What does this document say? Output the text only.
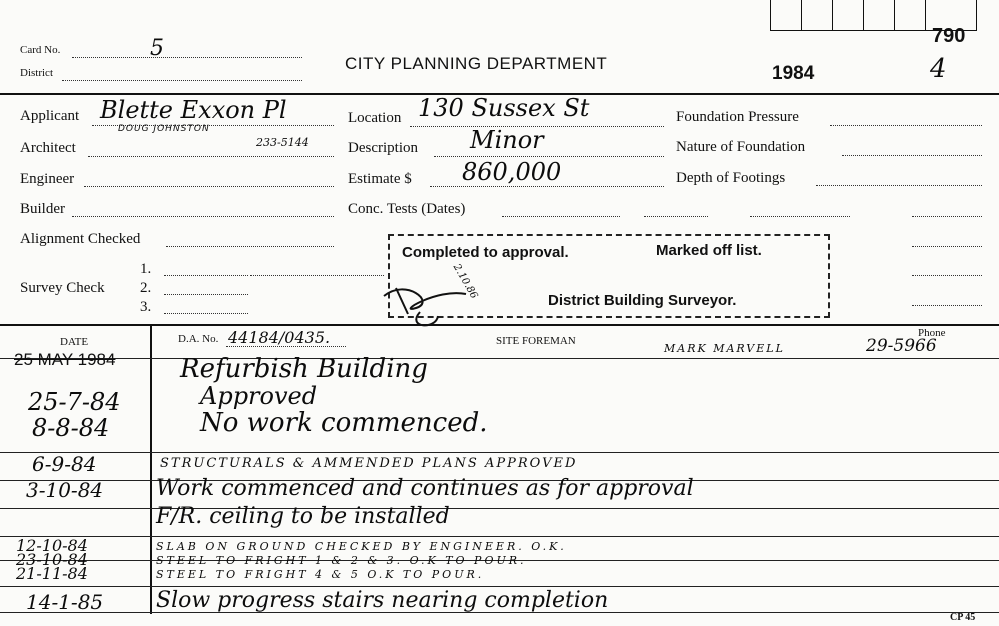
Card No.	5
District	CITY PLANNING DEPARTMENT	1984	4
790
Applicant Blette Exxon Pl
DOUG JOHNSTON
233-5144
Architect
Engineer
Builder
Alignment Checked
Survey Check
1.
2.
3.
Location 130 Sussex St
Description Minor
Estimate $ 860,000
Conc. Tests (Dates)
Foundation Pressure
Nature of Foundation
Depth of Footings
Completed to approval.	Marked off list.
District Building Surveyor.
2.10.86
DATE	D.A. No. 44184/0435.	SITE FOREMAN
MARK MARVELL
Phone
29-5966
25 MAY 1984 Refurbish Building
25-7-84	Approved
8-8-84	No work commenced.
6-9-84	STRUCTURALS & AMMENDED PLANS APPROVED
3-10-84 Work commenced and continues as for approval
F/R. ceiling to be installed
12-10-84	SLAB ON GROUND CHECKED BY ENGINEER. O.K.
23-10-84	STEEL TO FRIGHT 1 & 2 & 3. O.K TO POUR.
21-11-84	STEEL TO FRIGHT 4 & 5 O.K TO POUR.
14-1-85 Slow progress stairs nearing completion
CP 45
